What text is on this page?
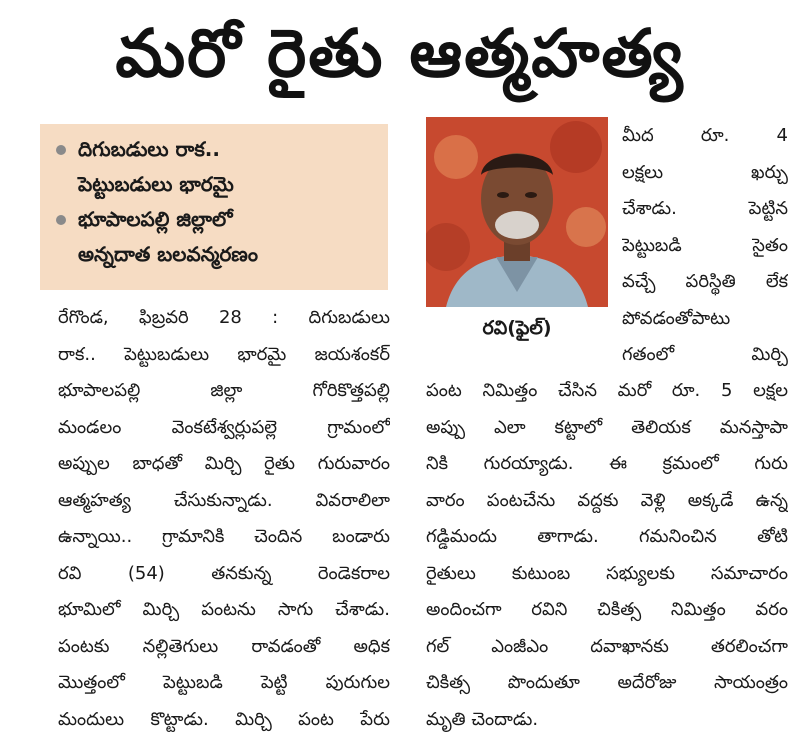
మరో రైతు ఆత్మహత్య
దిగుబడులు రాక..
పెట్టుబడులు భారమై
భూపాలపల్లి జిల్లాలో
అన్నదాత బలవన్మరణం
రవి(ఫైల్)
రేగొండ, ఫిబ్రవరి 28 : దిగుబడులు
రాక.. పెట్టుబడులు భారమై జయశంకర్
భూపాలపల్లి జిల్లా గోరికొత్తపల్లి
మండలం వెంకటేశ్వర్లుపల్లె గ్రామంలో
అప్పుల బాధతో మిర్చి రైతు గురువారం
ఆత్మహత్య చేసుకున్నాడు. వివరాలిలా
ఉన్నాయి.. గ్రామానికి చెందిన బండారు
రవి (54) తనకున్న రెండెకరాల
భూమిలో మిర్చి పంటను సాగు చేశాడు.
పంటకు నల్లితెగులు రావడంతో అధిక
మొత్తంలో పెట్టుబడి పెట్టి పురుగుల
మందులు కొట్టాడు. మిర్చి పంట పేరు
మీద రూ. 4
లక్షలు ఖర్చు
చేశాడు. పెట్టిన
పెట్టుబడి సైతం
వచ్చే పరిస్థితి లేక
పోవడంతోపాటు
గతంలో మిర్చి
పంట నిమిత్తం చేసిన మరో రూ. 5 లక్షల
అప్పు ఎలా కట్టాలో తెలియక మనస్తాపా
నికి గురయ్యాడు. ఈ క్రమంలో గురు
వారం పంటచేను వద్దకు వెళ్లి అక్కడే ఉన్న
గడ్డిమందు తాగాడు. గమనించిన తోటి
రైతులు కుటుంబ సభ్యులకు సమాచారం
అందించగా రవిని చికిత్స నిమిత్తం వరం
గల్ ఎంజీఎం దవాఖానకు తరలించగా
చికిత్స పొందుతూ అదేరోజు సాయంత్రం
మృతి చెందాడు.
